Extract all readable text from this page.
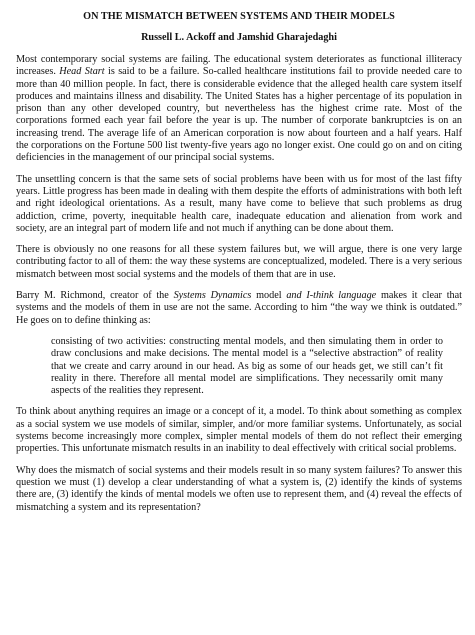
ON THE MISMATCH BETWEEN SYSTEMS AND THEIR MODELS
Russell L. Ackoff and Jamshid Gharajedaghi

Most contemporary social systems are failing. The educational system deteriorates as functional illiteracy increases. Head Start is said to be a failure. So-called healthcare institutions fail to provide needed care to more than 40 million people. In fact, there is considerable evidence that the alleged health care system itself produces and maintains illness and disability. The United States has a higher percentage of its population in prison than any other developed country, but nevertheless has the highest crime rate. Most of the corporations formed each year fail before the year is up. The number of corporate bankruptcies is on an increasing trend. The average life of an American corporation is now about fourteen and a half years. Half the corporations on the Fortune 500 list twenty-five years ago no longer exist. One could go on and on citing deficiencies in the management of our principal social systems.

The unsettling concern is that the same sets of social problems have been with us for most of the last fifty years. Little progress has been made in dealing with them despite the efforts of administrations with both left and right ideological orientations. As a result, many have come to believe that such problems as drug addiction, crime, poverty, inequitable health care, inadequate education and alienation from work and society, are an integral part of modern life and not much if anything can be done about them.

There is obviously no one reasons for all these system failures but, we will argue, there is one very large contributing factor to all of them: the way these systems are conceptualized, modeled. There is a very serious mismatch between most social systems and the models of them that are in use.

Barry M. Richmond, creator of the Systems Dynamics model and I-think language makes it clear that systems and the models of them in use are not the same. According to him “the way we think is outdated.” He goes on to define thinking as:

consisting of two activities: constructing mental models, and then simulating them in order to draw conclusions and make decisions. The mental model is a “selective abstraction” of reality that we create and carry around in our head. As big as some of our heads get, we still can’t fit reality in there. Therefore all mental model are simplifications. They necessarily omit many aspects of the realities they represent.

To think about anything requires an image or a concept of it, a model. To think about something as complex as a social system we use models of similar, simpler, and/or more familiar systems. Unfortunately, as social systems become increasingly more complex, simpler mental models of them do not reflect their emerging properties. This unfortunate mismatch results in an inability to deal effectively with critical social problems.

Why does the mismatch of social systems and their models result in so many system failures? To answer this question we must (1) develop a clear understanding of what a system is, (2) identify the kinds of systems there are, (3) identify the kinds of mental models we often use to represent them, and (4) reveal the effects of mismatching a system and its representation?
